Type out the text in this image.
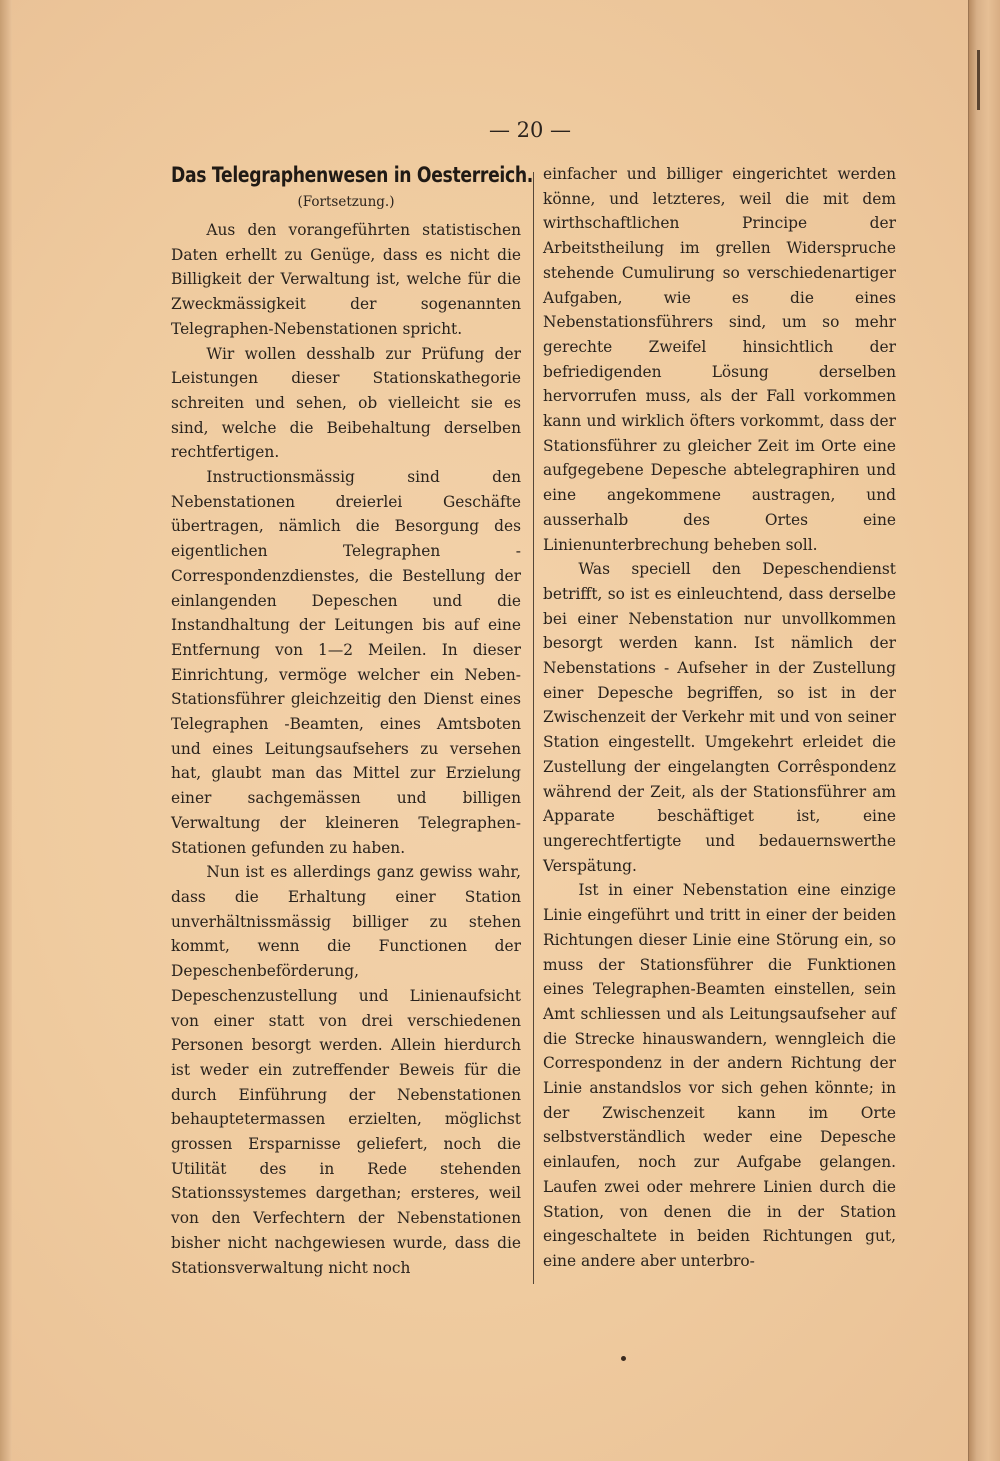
— 20 —
Das Telegraphenwesen in Oesterreich.
(Fortsetzung.)

Aus den vorangeführten statistischen Daten erhellt zu Genüge, dass es nicht die Billigkeit der Verwaltung ist, welche für die Zweckmässigkeit der sogenannten Telegraphen-Nebenstationen spricht.

Wir wollen desshalb zur Prüfung der Leistungen dieser Stationskathegorie schreiten und sehen, ob vielleicht sie es sind, welche die Beibehaltung derselben rechtfertigen.

Instructionsmässig sind den Nebenstationen dreierlei Geschäfte übertragen, nämlich die Besorgung des eigentlichen Telegraphen - Correspondenzdienstes, die Bestellung der einlangenden Depeschen und die Instandhaltung der Leitungen bis auf eine Entfernung von 1—2 Meilen. In dieser Einrichtung, vermöge welcher ein Neben-Stationsführer gleichzeitig den Dienst eines Telegraphen -Beamten, eines Amtsboten und eines Leitungsaufsehers zu versehen hat, glaubt man das Mittel zur Erzielung einer sachgemässen und billigen Verwaltung der kleineren Telegraphen-Stationen gefunden zu haben.

Nun ist es allerdings ganz gewiss wahr, dass die Erhaltung einer Station unverhältnissmässig billiger zu stehen kommt, wenn die Functionen der Depeschenbeförderung, Depeschenzustellung und Linienaufsicht von einer statt von drei verschiedenen Personen besorgt werden. Allein hierdurch ist weder ein zutreffender Beweis für die durch Einführung der Nebenstationen behauptetermassen erzielten, möglichst grossen Ersparnisse geliefert, noch die Utilität des in Rede stehenden Stationssystemes dargethan; ersteres, weil von den Verfechtern der Nebenstationen bisher nicht nachgewiesen wurde, dass die Stationsverwaltung nicht noch

einfacher und billiger eingerichtet werden könne, und letzteres, weil die mit dem wirthschaftlichen Principe der Arbeitstheilung im grellen Widerspruche stehende Cumulirung so verschiedenartiger Aufgaben, wie es die eines Nebenstationsführers sind, um so mehr gerechte Zweifel hinsichtlich der befriedigenden Lösung derselben hervorrufen muss, als der Fall vorkommen kann und wirklich öfters vorkommt, dass der Stationsführer zu gleicher Zeit im Orte eine aufgegebene Depesche abtelegraphiren und eine angekommene austragen, und ausserhalb des Ortes eine Linienunterbrechung beheben soll.

Was speciell den Depeschendienst betrifft, so ist es einleuchtend, dass derselbe bei einer Nebenstation nur unvollkommen besorgt werden kann. Ist nämlich der Nebenstations - Aufseher in der Zustellung einer Depesche begriffen, so ist in der Zwischenzeit der Verkehr mit und von seiner Station eingestellt. Umgekehrt erleidet die Zustellung der eingelangten Corrêspondenz während der Zeit, als der Stationsführer am Apparate beschäftiget ist, eine ungerechtfertigte und bedauernswerthe Verspätung.

Ist in einer Nebenstation eine einzige Linie eingeführt und tritt in einer der beiden Richtungen dieser Linie eine Störung ein, so muss der Stationsführer die Funktionen eines Telegraphen-Beamten einstellen, sein Amt schliessen und als Leitungsaufseher auf die Strecke hinauswandern, wenngleich die Correspondenz in der andern Richtung der Linie anstandslos vor sich gehen könnte; in der Zwischenzeit kann im Orte selbstverständlich weder eine Depesche einlaufen, noch zur Aufgabe gelangen. Laufen zwei oder mehrere Linien durch die Station, von denen die in der Station eingeschaltete in beiden Richtungen gut, eine andere aber unterbro-
